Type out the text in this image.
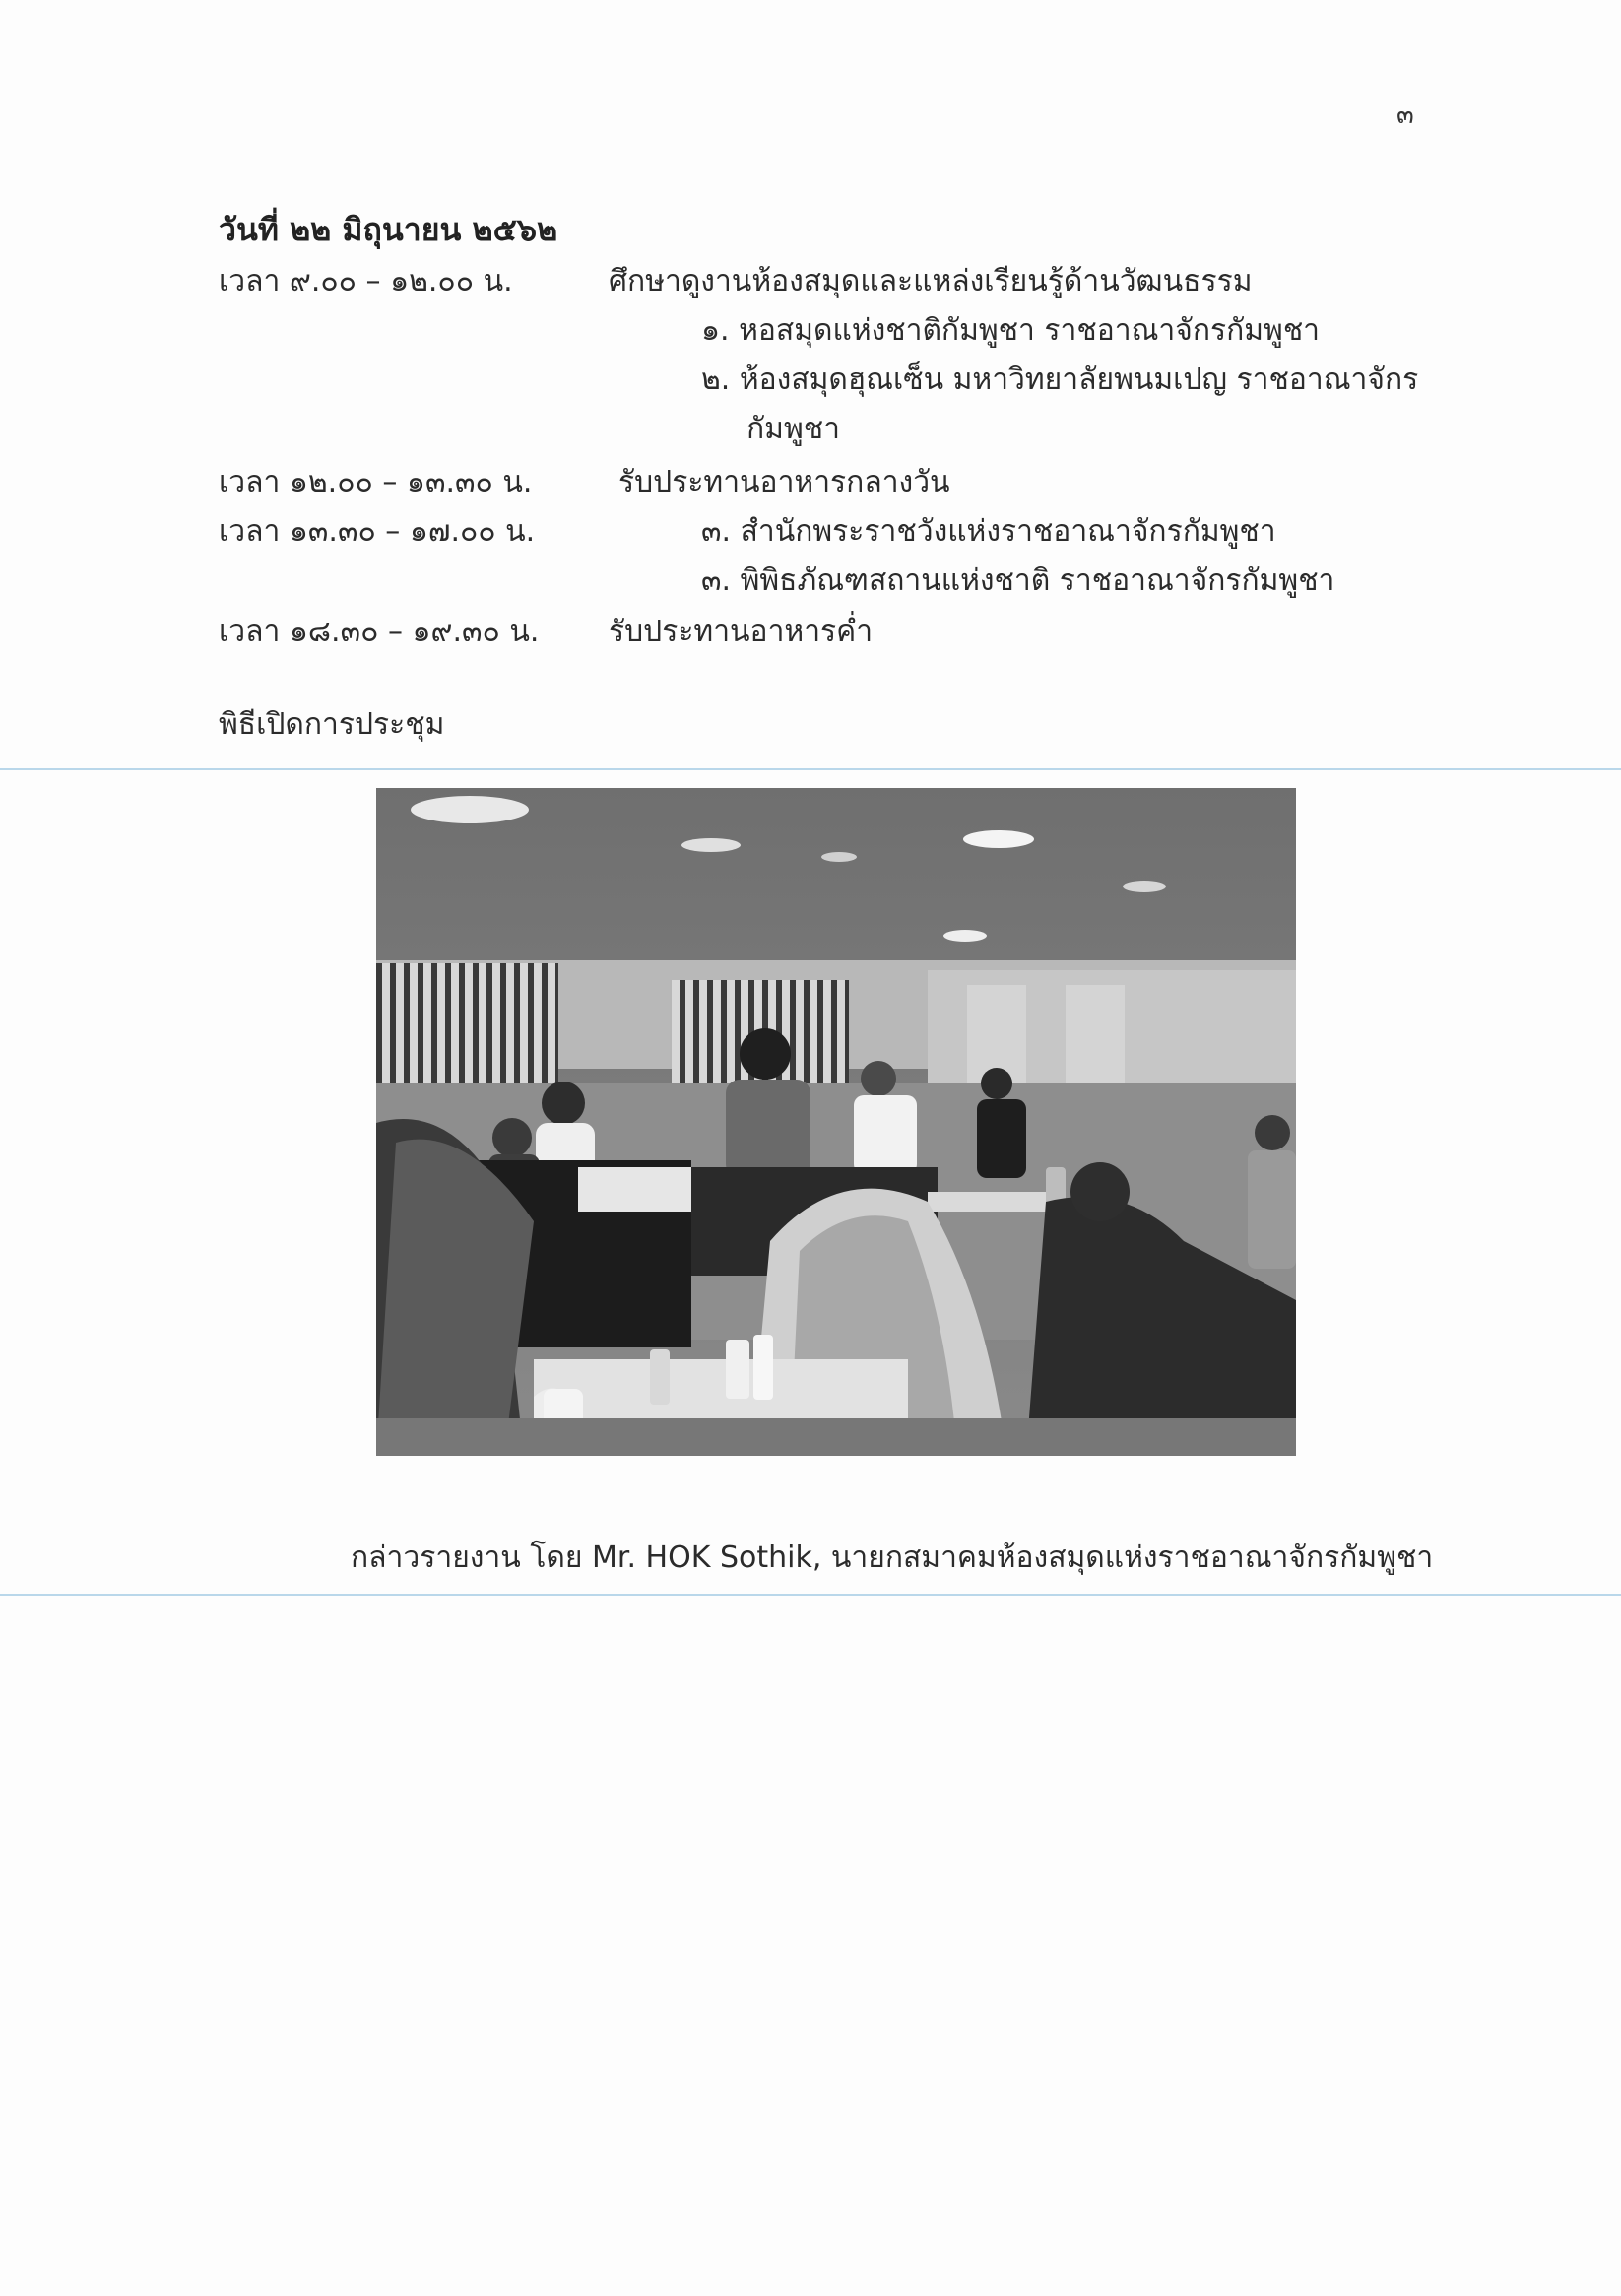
๓
วันที่ ๒๒ มิถุนายน ๒๕๖๒
เวลา ๙.๐๐ – ๑๒.๐๐ น.	ศึกษาดูงานห้องสมุดและแหล่งเรียนรู้ด้านวัฒนธรรม
๑. หอสมุดแห่งชาติกัมพูชา ราชอาณาจักรกัมพูชา
๒. ห้องสมุดฮุณเซ็น มหาวิทยาลัยพนมเปญ ราชอาณาจักร
กัมพูชา
เวลา ๑๒.๐๐ – ๑๓.๓๐ น.	รับประทานอาหารกลางวัน
เวลา ๑๓.๓๐ – ๑๗.๐๐ น.	๓. สำนักพระราชวังแห่งราชอาณาจักรกัมพูชา
๓. พิพิธภัณฑสถานแห่งชาติ ราชอาณาจักรกัมพูชา
เวลา ๑๘.๓๐ – ๑๙.๓๐ น. รับประทานอาหารค่ำ
พิธีเปิดการประชุม
กล่าวรายงาน โดย Mr. HOK Sothik, นายกสมาคมห้องสมุดแห่งราชอาณาจักรกัมพูชา
